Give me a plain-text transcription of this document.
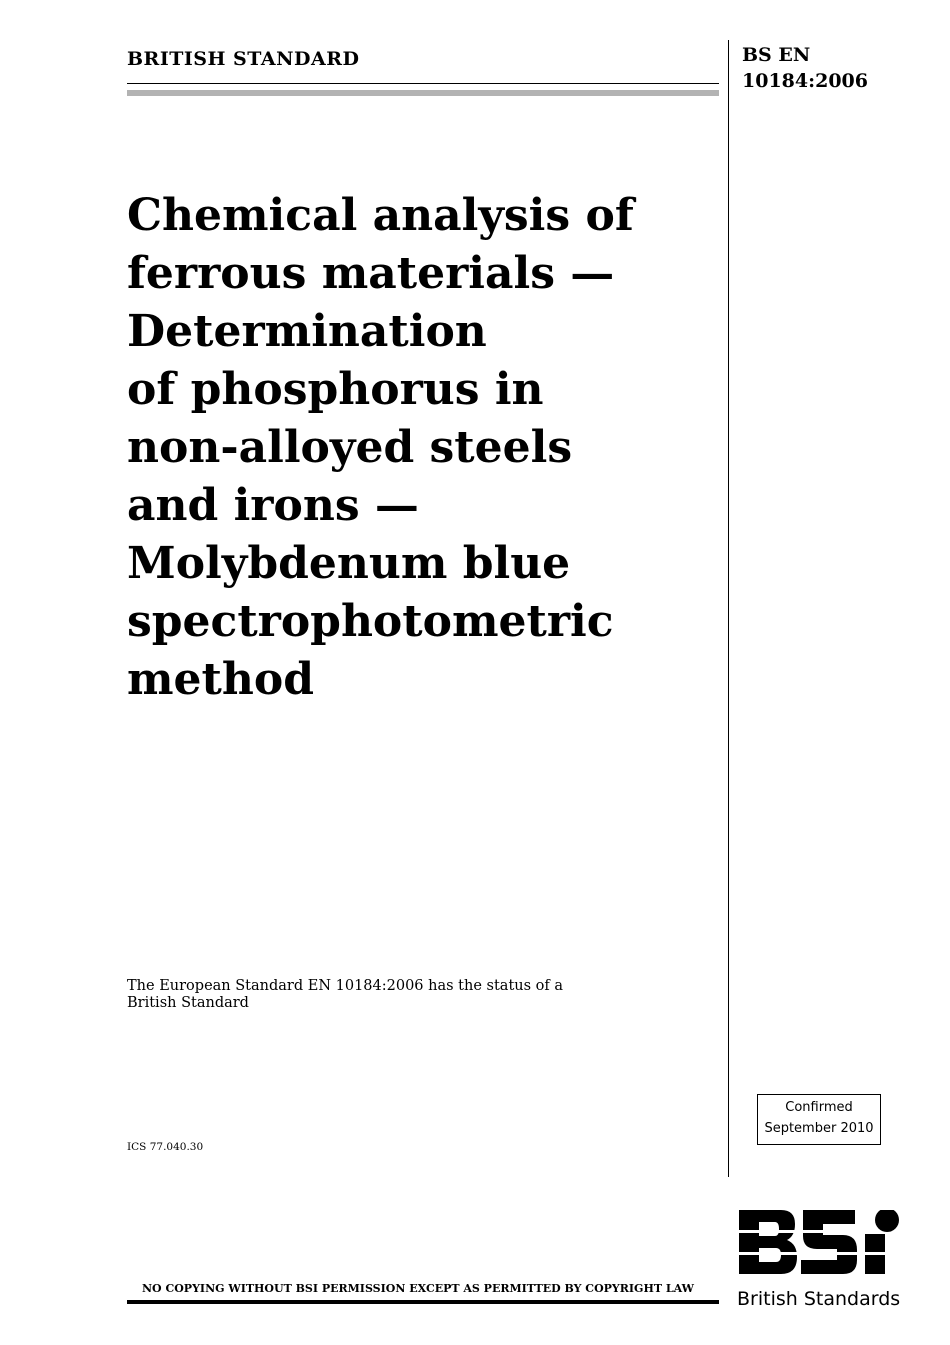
BRITISH STANDARD	BS EN
10184:2006
Chemical analysis of
ferrous materials —
Determination
of phosphorus in
non-alloyed steels
and irons —
Molybdenum blue
spectrophotometric
method
The European Standard EN 10184:2006 has the status of a
British Standard
Confirmed
September 2010
ICS 77.040.30
British Standards
NO COPYING WITHOUT BSI PERMISSION EXCEPT AS PERMITTED BY COPYRIGHT LAW
